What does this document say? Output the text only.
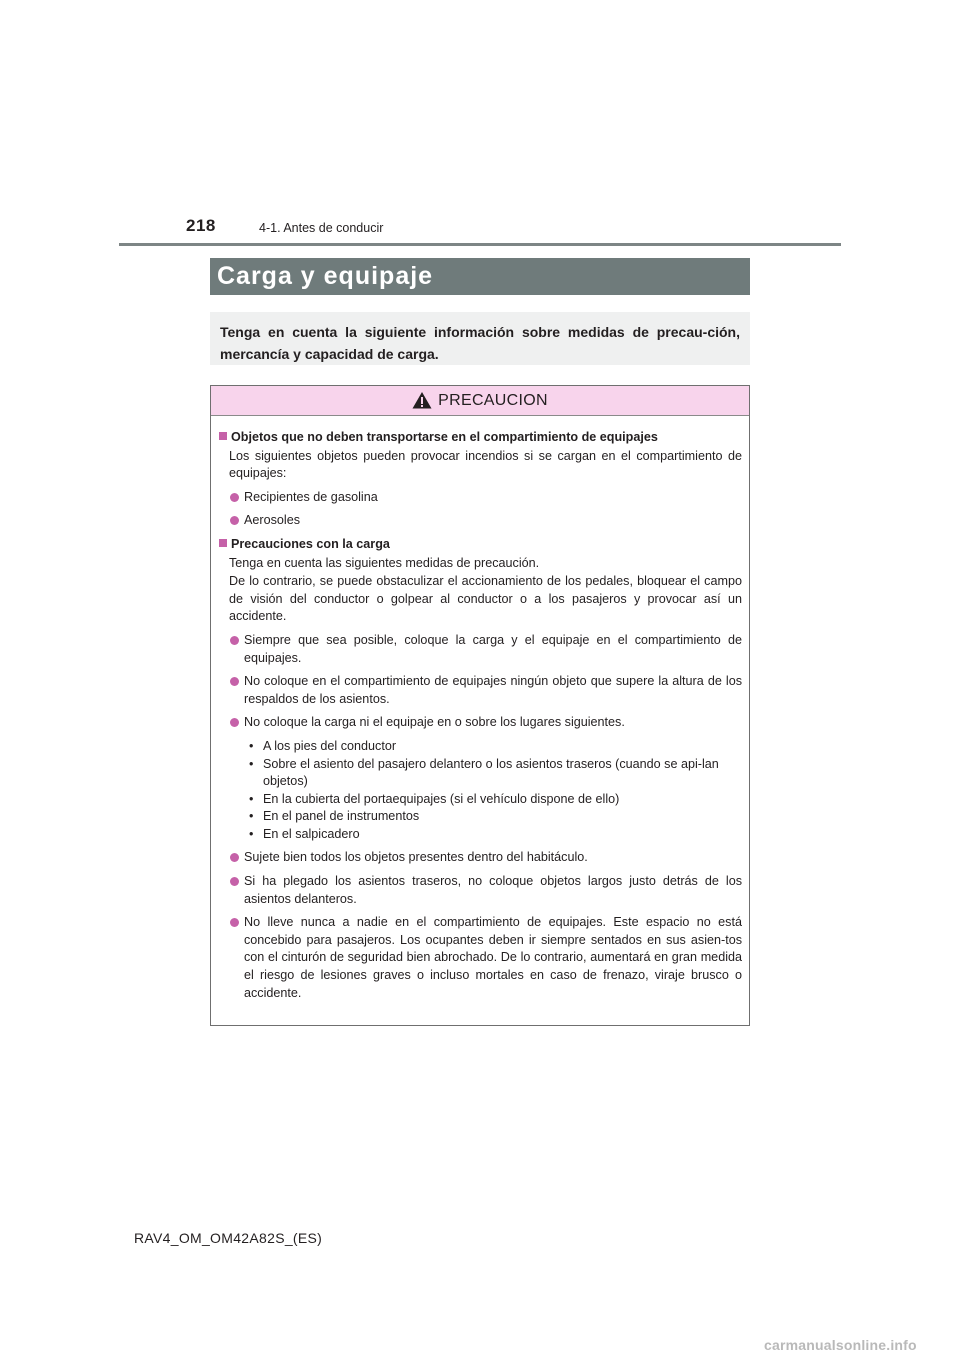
218	4-1. Antes de conducir
Carga y equipaje
Tenga en cuenta la siguiente información sobre medidas de precau-ción, mercancía y capacidad de carga.
PRECAUCION
Objetos que no deben transportarse en el compartimiento de equipajes
Los siguientes objetos pueden provocar incendios si se cargan en el compartimiento de equipajes:
Recipientes de gasolina
Aerosoles
Precauciones con la carga
Tenga en cuenta las siguientes medidas de precaución.
De lo contrario, se puede obstaculizar el accionamiento de los pedales, bloquear el campo de visión del conductor o golpear al conductor o a los pasajeros y provocar así un accidente.
Siempre que sea posible, coloque la carga y el equipaje en el compartimiento de equipajes.
No coloque en el compartimiento de equipajes ningún objeto que supere la altura de los respaldos de los asientos.
No coloque la carga ni el equipaje en o sobre los lugares siguientes.
• A los pies del conductor
• Sobre el asiento del pasajero delantero o los asientos traseros (cuando se api-lan objetos)
• En la cubierta del portaequipajes (si el vehículo dispone de ello)
• En el panel de instrumentos
• En el salpicadero
Sujete bien todos los objetos presentes dentro del habitáculo.
Si ha plegado los asientos traseros, no coloque objetos largos justo detrás de los asientos delanteros.
No lleve nunca a nadie en el compartimiento de equipajes. Este espacio no está concebido para pasajeros. Los ocupantes deben ir siempre sentados en sus asien-tos con el cinturón de seguridad bien abrochado. De lo contrario, aumentará en gran medida el riesgo de lesiones graves o incluso mortales en caso de frenazo, viraje brusco o accidente.
RAV4_OM_OM42A82S_(ES)
carmanualsonline.info
